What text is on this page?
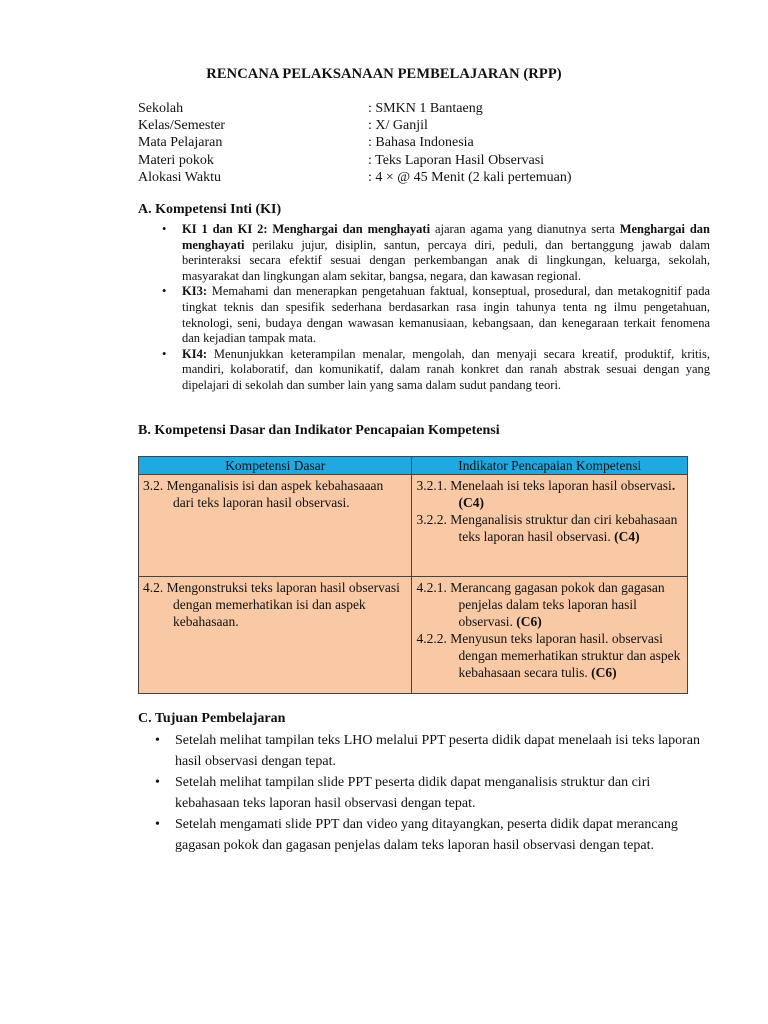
RENCANA PELAKSANAAN PEMBELAJARAN (RPP)
Sekolah	: SMKN 1 Bantaeng
Kelas/Semester	: X/ Ganjil
Mata Pelajaran	: Bahasa Indonesia
Materi pokok	: Teks Laporan Hasil Observasi
Alokasi Waktu	: 4 × @ 45 Menit (2 kali pertemuan)
A. Kompetensi Inti (KI)
• KI 1 dan KI 2: Menghargai dan menghayati ajaran agama yang dianutnya serta Menghargai dan menghayati perilaku jujur, disiplin, santun, percaya diri, peduli, dan bertanggung jawab dalam berinteraksi secara efektif sesuai dengan perkembangan anak di lingkungan, keluarga, sekolah, masyarakat dan lingkungan alam sekitar, bangsa, negara, dan kawasan regional.
• KI3: Memahami dan menerapkan pengetahuan faktual, konseptual, prosedural, dan metakognitif pada tingkat teknis dan spesifik sederhana berdasarkan rasa ingin tahunya tenta ng ilmu pengetahuan, teknologi, seni, budaya dengan wawasan kemanusiaan, kebangsaan, dan kenegaraan terkait fenomena dan kejadian tampak mata.
• KI4: Menunjukkan keterampilan menalar, mengolah, dan menyaji secara kreatif, produktif, kritis, mandiri, kolaboratif, dan komunikatif, dalam ranah konkret dan ranah abstrak sesuai dengan yang dipelajari di sekolah dan sumber lain yang sama dalam sudut pandang teori.
B. Kompetensi Dasar dan Indikator Pencapaian Kompetensi
Kompetensi Dasar	Indikator Pencapaian Kompetensi

3.2. Menganalisis isi dan aspek kebahasaaan dari teks laporan hasil observasi.	3.2.1. Menelaah isi teks laporan hasil observasi. (C4)
3.2.2. Menganalisis struktur dan ciri kebahasaan teks laporan hasil observasi. (C4)

4.2. Mengonstruksi teks laporan hasil observasi dengan memerhatikan isi dan aspek kebahasaan.	4.2.1. Merancang gagasan pokok dan gagasan penjelas dalam teks laporan hasil observasi. (C6)
4.2.2. Menyusun teks laporan hasil. observasi dengan memerhatikan struktur dan aspek kebahasaan secara tulis. (C6)
C. Tujuan Pembelajaran
• Setelah melihat tampilan teks LHO melalui PPT peserta didik dapat menelaah isi teks laporan hasil observasi dengan tepat.
• Setelah melihat tampilan slide PPT peserta didik dapat menganalisis struktur dan ciri kebahasaan teks laporan hasil observasi dengan tepat.
• Setelah mengamati slide PPT dan video yang ditayangkan, peserta didik dapat merancang gagasan pokok dan gagasan penjelas dalam teks laporan hasil observasi dengan tepat.
